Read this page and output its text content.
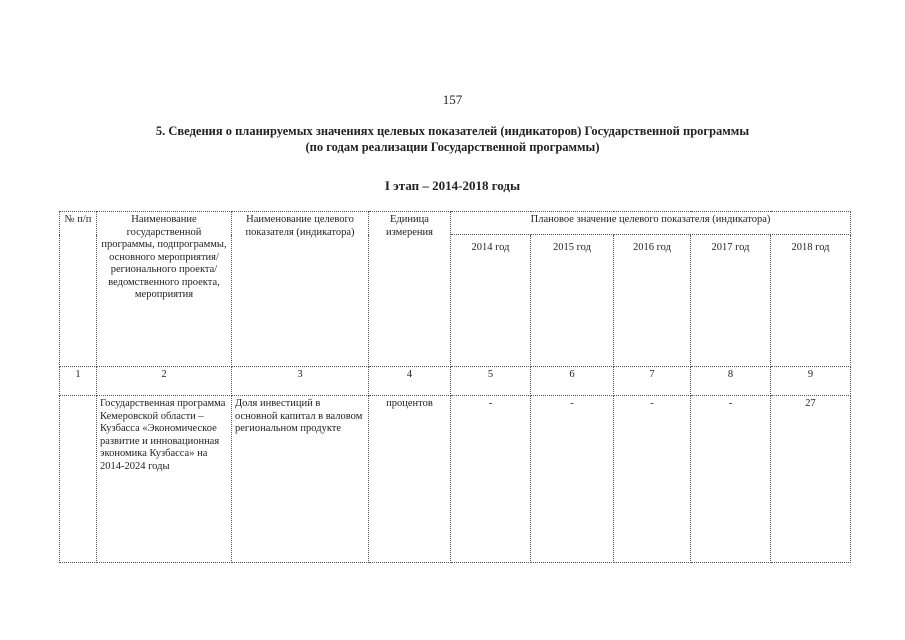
157
5. Сведения о планируемых значениях целевых показателей (индикаторов) Государственной программы
(по годам реализации Государственной программы)
I этап – 2014-2018 годы
№ п/п	Наименование государственной программы, подпрограммы, основного мероприятия/ регионального проекта/ ведомственного проекта, мероприятия	Наименование целевого показателя (индикатора)	Единица измерения	Плановое значение целевого показателя (индикатора)				
				2014 год	2015 год	2016 год	2017 год	2018 год
1	2	3	4	5	6	7	8	9
	Государственная программа Кемеровской области – Кузбасса «Экономическое развитие и инновационная экономика Кузбасса» на 2014-2024 годы	Доля инвестиций в основной капитал в валовом региональном продукте	процентов	-	-	-	-	27
